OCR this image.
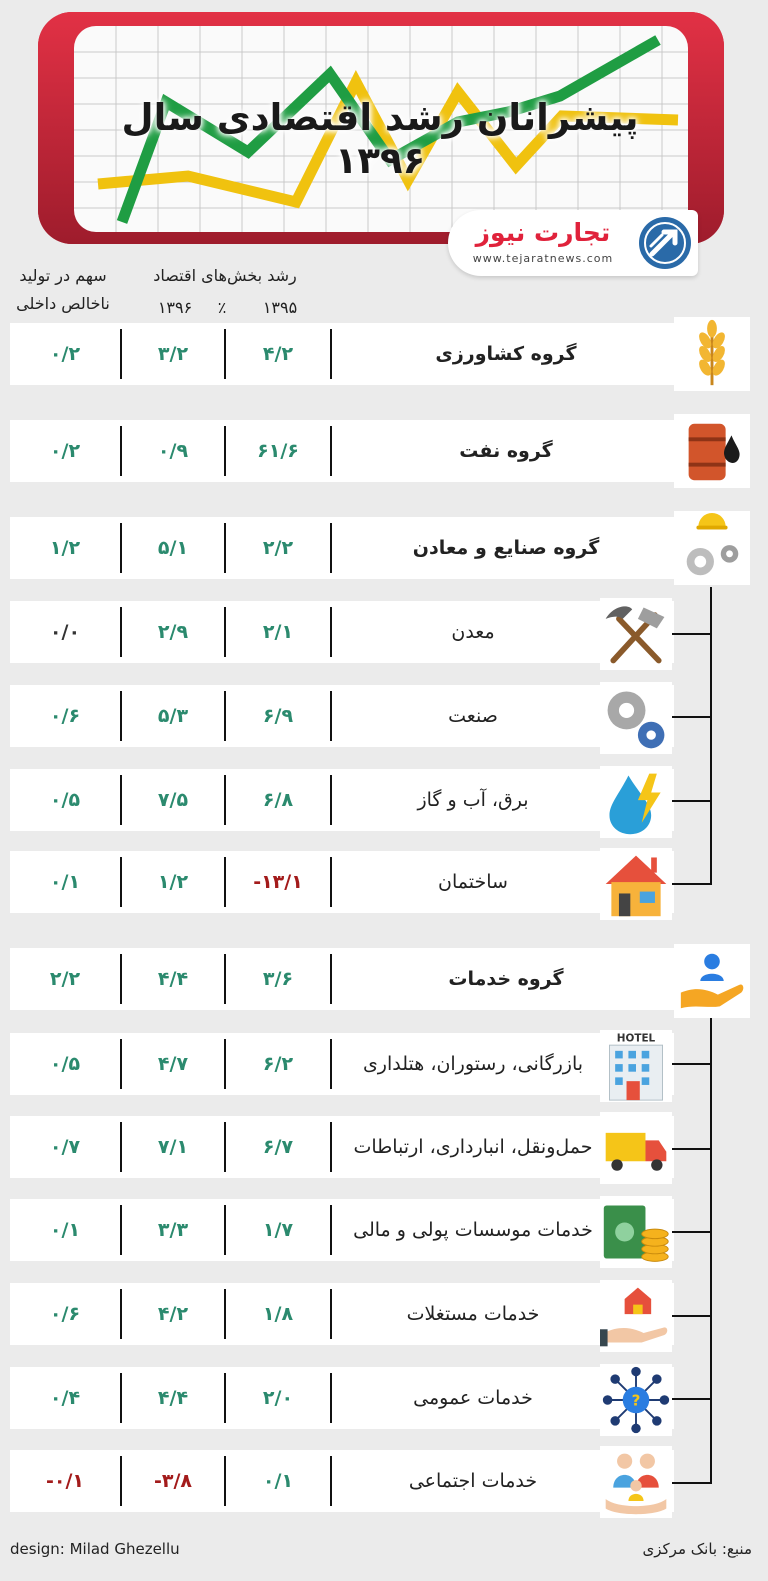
پیشرانان رشد اقتصادی سال ۱۳۹۶
تجارت نیوز
www.tejaratnews.com
رشد بخش‌های اقتصاد
۱۳۹۵
٪
۱۳۹۶
سهم در تولید
ناخالص داخلی
۰/۲	۳/۲	۴/۲	گروه کشاورزی
۰/۲	۰/۹	۶۱/۶	گروه نفت
۱/۲	۵/۱	۲/۲	گروه صنایع و معادن
۰/۰	۲/۹	۲/۱	معدن
۰/۶	۵/۳	۶/۹	صنعت
۰/۵	۷/۵	۶/۸	برق، آب و گاز
۰/۱	۱/۲	-۱۳/۱	ساختمان
۲/۲	۴/۴	۳/۶	گروه خدمات
۰/۵	۴/۷	۶/۲	بازرگانی، رستوران، هتلداری
HOTEL
۰/۷	۷/۱	۶/۷	حمل‌ونقل، انبارداری، ارتباطات
۰/۱	۳/۳	۱/۷	خدمات موسسات پولی و مالی
۰/۶	۴/۲	۱/۸	خدمات مستغلات
۰/۴	۴/۴	۲/۰	خدمات عمومی	?
-۰/۱	-۳/۸	۰/۱	خدمات اجتماعی
منبع: بانک مرکزی
design: Milad Ghezellu
